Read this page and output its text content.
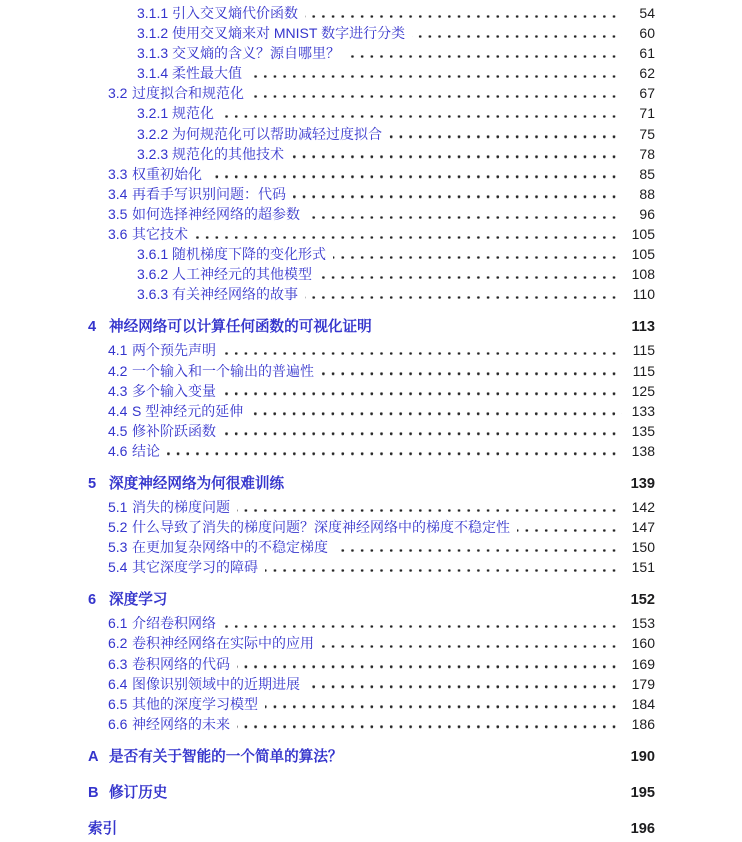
3.1.1 引入交叉熵代价函数	54
3.1.2 使用交叉熵来对 MNIST 数字进行分类	60
3.1.3 交叉熵的含义？源自哪里？	61
3.1.4 柔性最大值	62
3.2 过度拟合和规范化	67
3.2.1 规范化	71
3.2.2 为何规范化可以帮助减轻过度拟合	75
3.2.3 规范化的其他技术	78
3.3 权重初始化	85
3.4 再看手写识别问题：代码	88
3.5 如何选择神经网络的超参数	96
3.6 其它技术	105
3.6.1 随机梯度下降的变化形式	105
3.6.2 人工神经元的其他模型	108
3.6.3 有关神经网络的故事	110
4 神经网络可以计算任何函数的可视化证明	113
4.1 两个预先声明	115
4.2 一个输入和一个输出的普遍性	115
4.3 多个输入变量	125
4.4 S 型神经元的延伸	133
4.5 修补阶跃函数	135
4.6 结论	138
5 深度神经网络为何很难训练	139
5.1 消失的梯度问题	142
5.2 什么导致了消失的梯度问题？深度神经网络中的梯度不稳定性	147
5.3 在更加复杂网络中的不稳定梯度	150
5.4 其它深度学习的障碍	151
6 深度学习	152
6.1 介绍卷积网络	153
6.2 卷积神经网络在实际中的应用	160
6.3 卷积网络的代码	169
6.4 图像识别领域中的近期进展	179
6.5 其他的深度学习模型	184
6.6 神经网络的未来	186
A 是否有关于智能的一个简单的算法？	190
B 修订历史	195
索引	196
